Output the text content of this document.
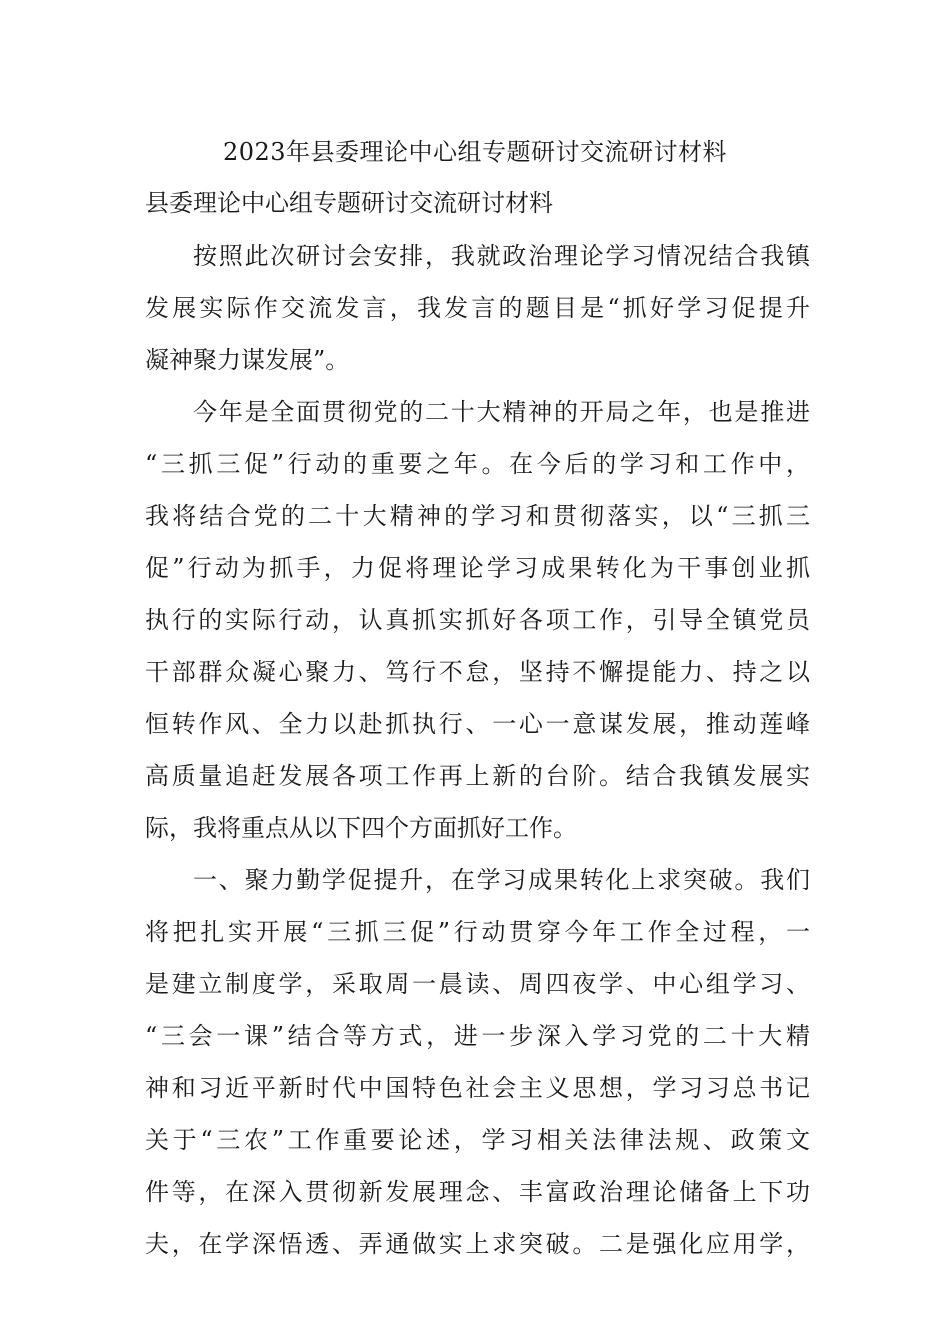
2023年县委理论中心组专题研讨交流研讨材料
县委理论中心组专题研讨交流研讨材料
按照此次研讨会安排，我就政治理论学习情况结合我镇
发展实际作交流发言，我发言的题目是“抓好学习促提升
凝神聚力谋发展”。
今年是全面贯彻党的二十大精神的开局之年，也是推进
“三抓三促”行动的重要之年。在今后的学习和工作中，
我将结合党的二十大精神的学习和贯彻落实，以“三抓三
促”行动为抓手，力促将理论学习成果转化为干事创业抓
执行的实际行动，认真抓实抓好各项工作，引导全镇党员
干部群众凝心聚力、笃行不怠，坚持不懈提能力、持之以
恒转作风、全力以赴抓执行、一心一意谋发展，推动莲峰
高质量追赶发展各项工作再上新的台阶。结合我镇发展实
际，我将重点从以下四个方面抓好工作。
一、聚力勤学促提升，在学习成果转化上求突破。我们
将把扎实开展“三抓三促”行动贯穿今年工作全过程，一
是建立制度学，采取周一晨读、周四夜学、中心组学习、
“三会一课”结合等方式，进一步深入学习党的二十大精
神和习近平新时代中国特色社会主义思想，学习习总书记
关于“三农”工作重要论述，学习相关法律法规、政策文
件等，在深入贯彻新发展理念、丰富政治理论储备上下功
夫，在学深悟透、弄通做实上求突破。二是强化应用学，
